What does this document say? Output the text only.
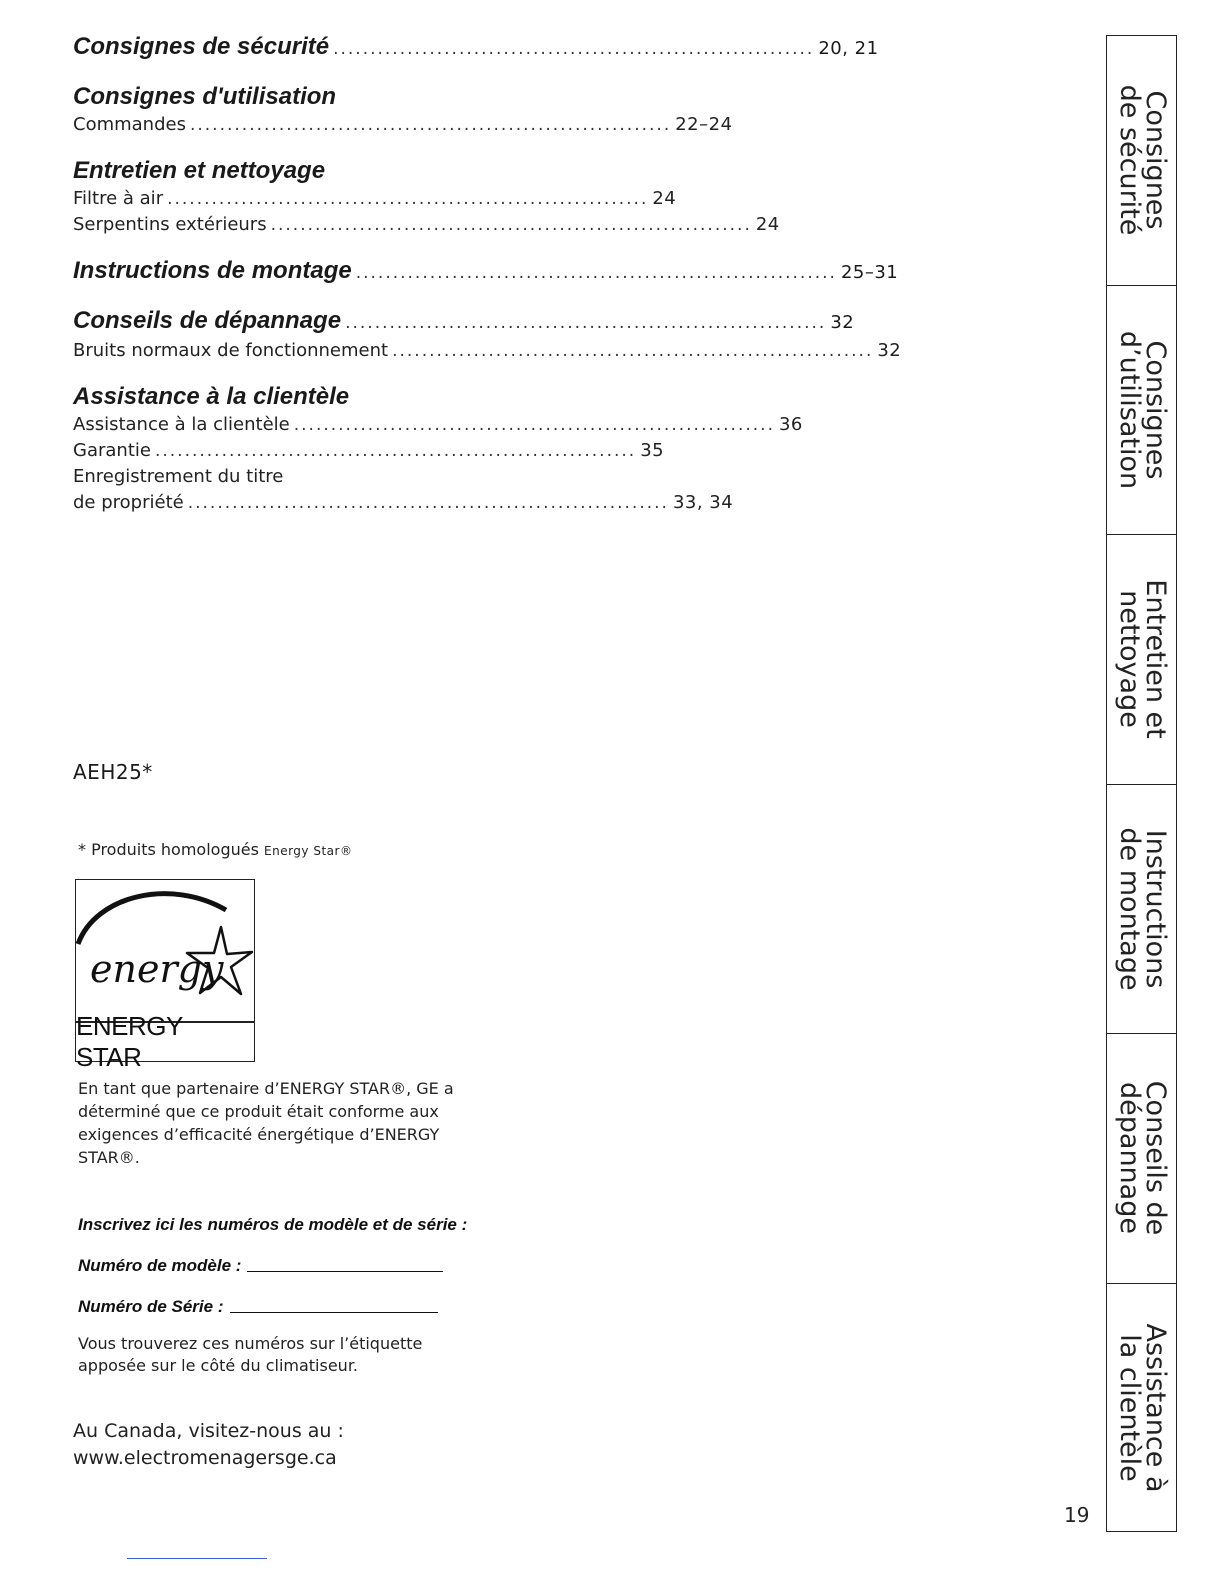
Consignes de sécurité ................................................................. 20, 21
Consignes d'utilisation
Commandes ................................................................. 22–24
Entretien et nettoyage
Filtre à air ................................................................. 24
Serpentins extérieurs ................................................................. 24
Instructions de montage ................................................................. 25–31
Conseils de dépannage ................................................................. 32
Bruits normaux de fonctionnement ................................................................. 32
Assistance à la clientèle
Assistance à la clientèle ................................................................. 36
Garantie ................................................................. 35
Enregistrement du titre
de propriété ................................................................. 33, 34
AEH25*
* Produits homologués Energy Star®
energy
ENERGY STAR
En tant que partenaire d’ENERGY STAR®, GE a déterminé que ce produit était conforme aux exigences d’efficacité énergétique d’ENERGY STAR®.
Inscrivez ici les numéros de modèle et de série :
Numéro de modèle :
Numéro de Série :
Vous trouverez ces numéros sur l’étiquette apposée sur le côté du climatiseur.
Au Canada, visitez-nous au :
www.electromenagersge.ca
19
Consignes
de sécurité
Consignes
d’utilisation
Entretien et
nettoyage
Instructions
de montage
Conseils de
dépannage
Assistance à
la clientèle
